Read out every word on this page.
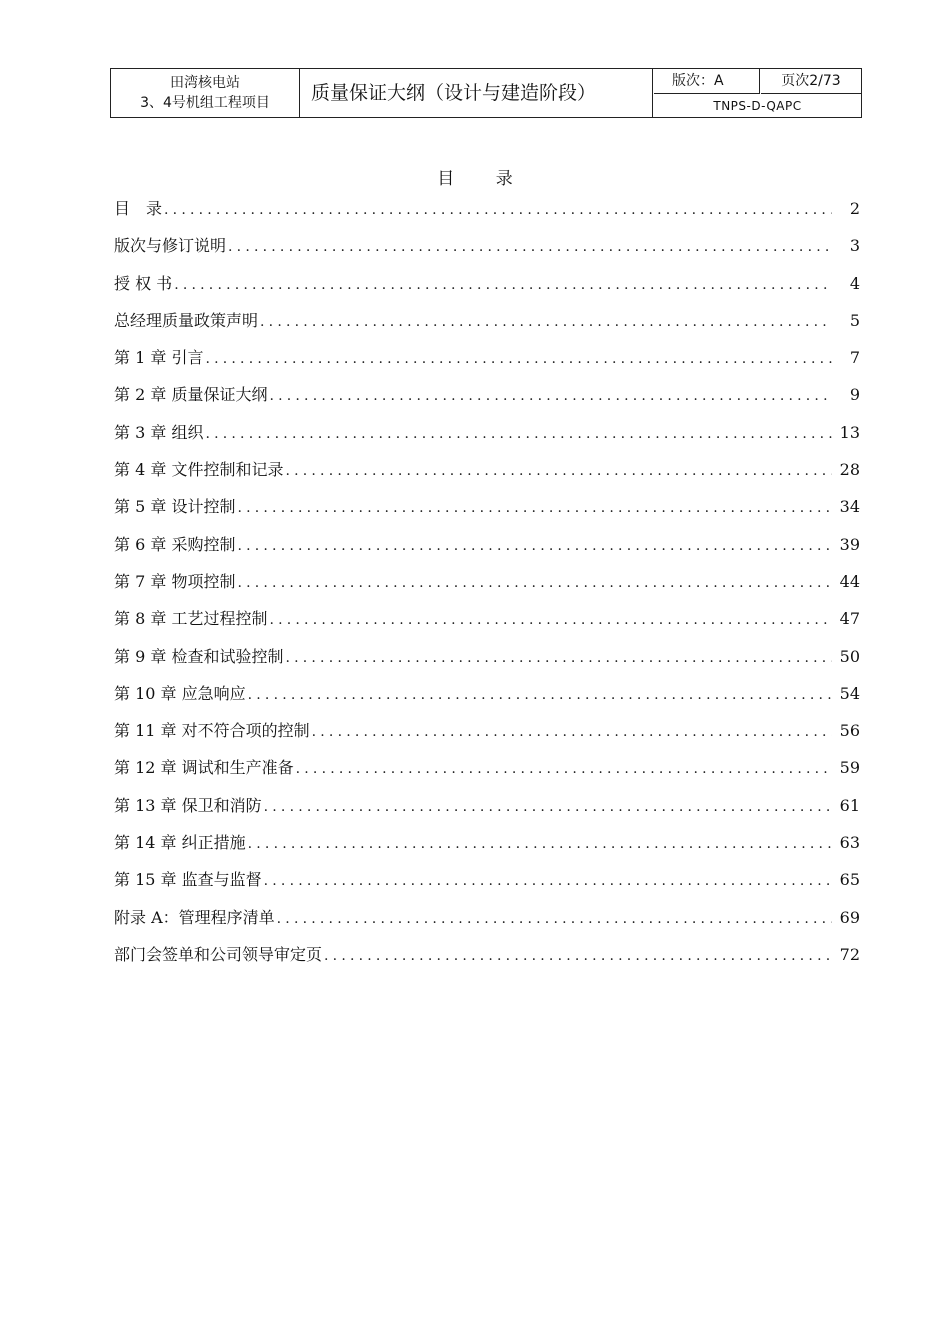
田湾核电站
3、4号机组工程项目	质量保证大纲（设计与建造阶段）
版次：A	页次2/73
TNPS-D-QAPC
目 录
目　录 .....	2
版次与修订说明 .....	3
授 权 书 .....	4
总经理质量政策声明 .....	5
第 1 章 引言 .....	7
第 2 章 质量保证大纲 .....	9
第 3 章 组织 .....	13
第 4 章 文件控制和记录 .....	28
第 5 章 设计控制 .....	34
第 6 章 采购控制 .....	39
第 7 章 物项控制 .....	44
第 8 章 工艺过程控制 .....	47
第 9 章 检查和试验控制 .....	50
第 10 章 应急响应 .....	54
第 11 章 对不符合项的控制 .....	56
第 12 章 调试和生产准备 .....	59
第 13 章 保卫和消防 .....	61
第 14 章 纠正措施 .....	63
第 15 章 监查与监督 .....	65
附录 A：管理程序清单 .....	69
部门会签单和公司领导审定页 .....	72
